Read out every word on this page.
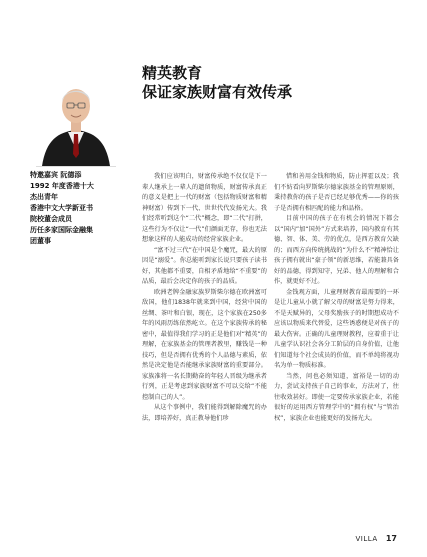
特邀嘉宾 阮德添
1992 年度香港十大
杰出青年
香港中文大学新亚书
院校董会成员
历任多家国际金融集
团董事
精英教育
保证家族财富有效传承

我们应该明白，财富传承绝不仅仅是下一辈人继承上一辈人的遗留物质，财富传承真正的意义是把上一代的财富（包括物质财富和精神财富）传到下一代、世世代代发扬光大。我们经常听到这个“二代”概念，即“二代”打拼，这些行为不仅让“一代”们颜面无存，你也无法想象这样的人能成功的经营家族企业。

“富不过三代”在中国是个魔咒，最大的原因是“溺爱”。你总能听到家长说只要孩子读书好，其他都不重要，自相矛盾地给“不重要”的品质，最后会决定你的孩子的品质。

欧洲老牌金融家族罗斯柴尔德在欧洲富可敌国，他们1838年就来到中国，经营中国的丝绸、茶叶和白银，现在，这个家族在250多年的风雨历练依然屹立。在这个家族传承的秘密中，最值得我们学习的正是他们对“精英”的理解，在家族基金的管理者教里，赚钱是一种技巧，但是否拥有优秀的个人品德与素质，依然是决定他是否能继承家族财富的重要部分。家族准将一名长期勤奋的年轻人晋级为继承者行列，正是考虑到家族财富不可以交给“不能控制自己的人”。

从这个事例中，我们能得到解除魔咒的办法，即培养好，真正教导他们珍

惜和善用金钱和物质，防止挥霍以及；我们不妨看向罗斯柴尔德家族基金的管理原则，秉持教你的孩子是否已经足够优秀——你的孩子是否拥有相匹配的能力和品格。

目前中国的孩子在有机会的情况下都会以“国内”加“国外”方式来培养，国内教育有其德、智、体、美、劳的优点，是西方教育欠缺的；而西方向传统挑战的“为什么不”精神恰让孩子拥有就出“豪子领”的新思维，若能兼具备好的品德，得到知守，兄弟、他人的理解和合作，就更好不过。

金钱观方面，儿童理财教育最需要的一环是让儿童从小就了解父母的财富是努力得来，不是天赋异的，父母奖励孩子的时期想成功不应该以物质来代替爱，这些诱惑便是对孩子的最大伤害。正确的儿童理财教程，应着重于让儿童学认识社会各分工阶层的自身价值，让他们知道每个社会成员的价值，而不单纯将视功名为单一物质标准。

当然，问也必须知道，富裕是一切的动力，尝试支持孩子自己的事业，方法对了，往往收效甚好。即使一定要传承家族企业，若能很好的运用西方管理学中的“拥有权”与“管治权”，家族企业也能更好的发扬光大。

VILLA 17
